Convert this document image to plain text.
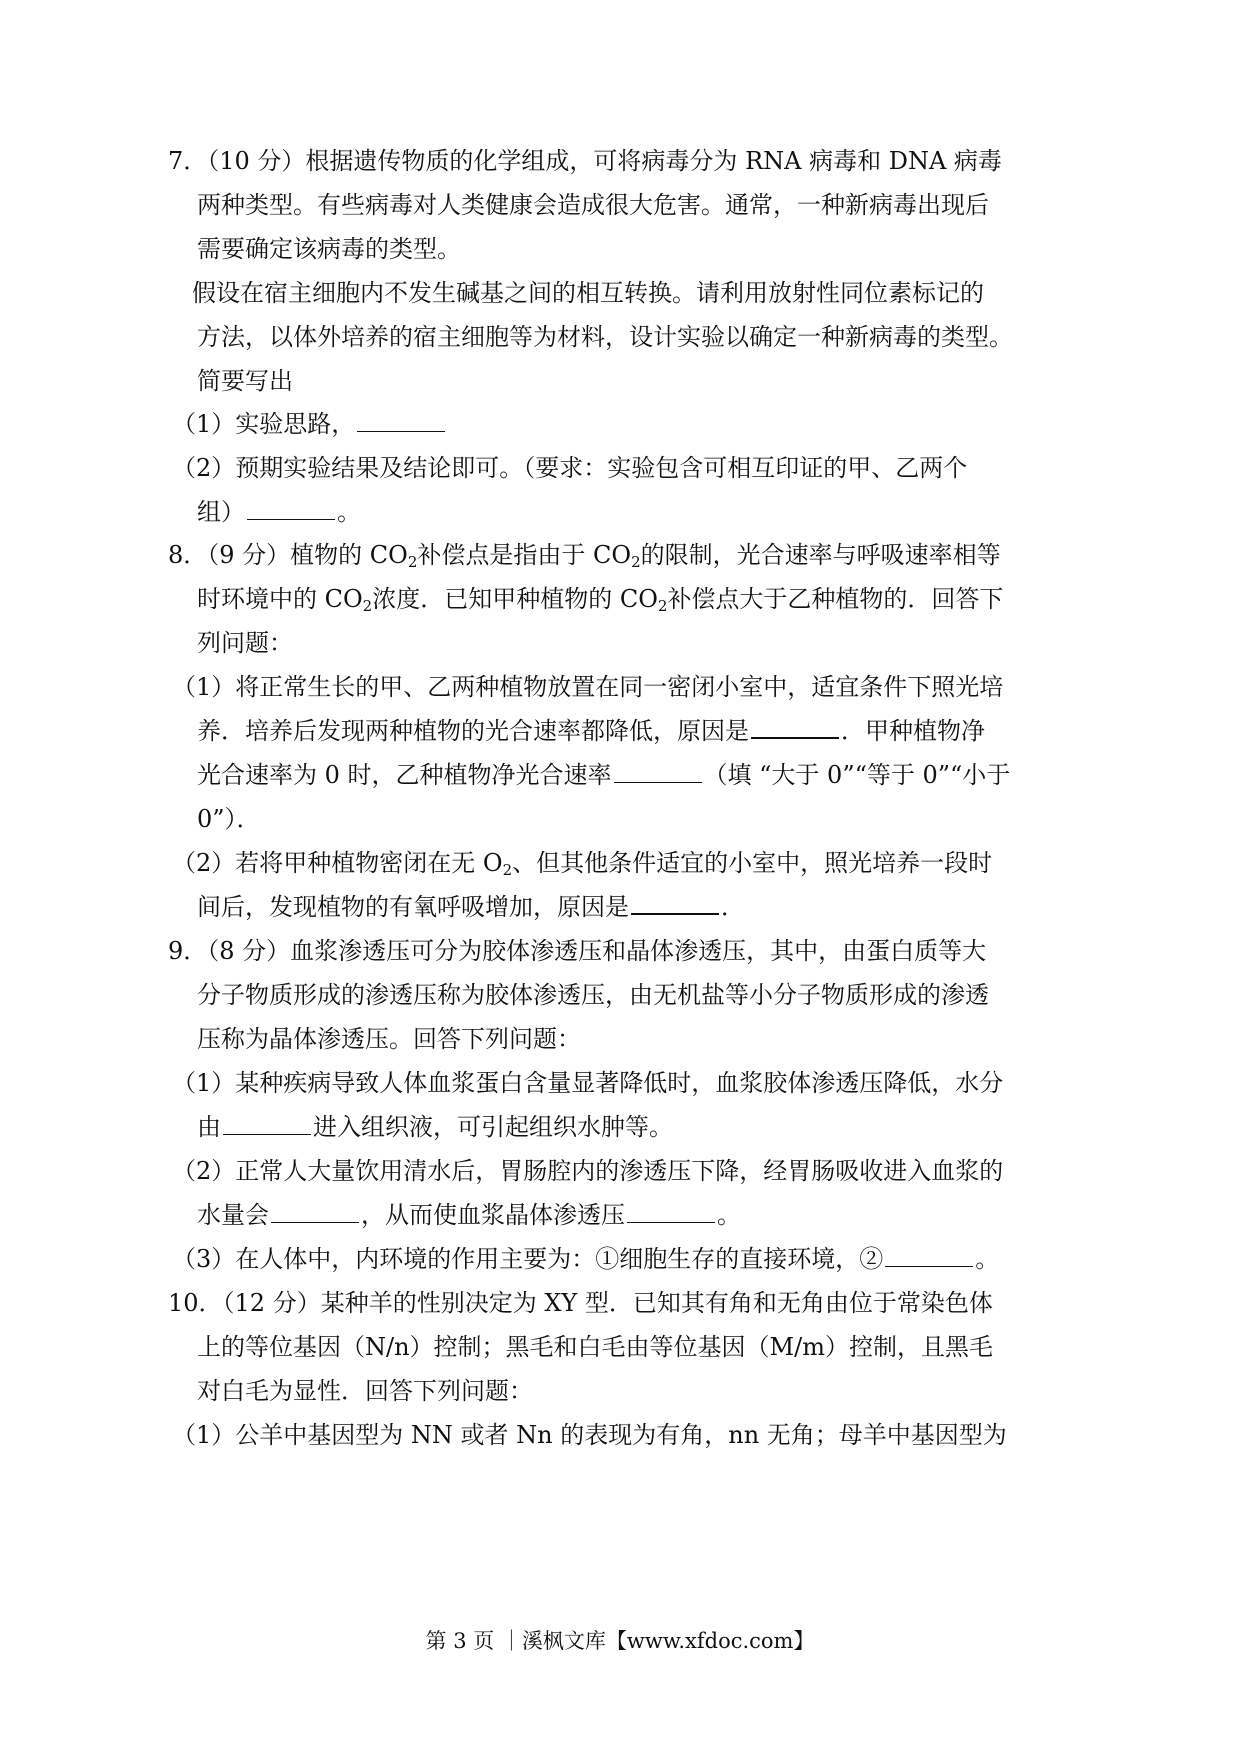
7．（10 分）根据遗传物质的化学组成，可将病毒分为 RNA 病毒和 DNA 病毒
两种类型。有些病毒对人类健康会造成很大危害。通常，一种新病毒出现后
需要确定该病毒的类型。
假设在宿主细胞内不发生碱基之间的相互转换。请利用放射性同位素标记的
方法，以体外培养的宿主细胞等为材料，设计实验以确定一种新病毒的类型。
简要写出
（1）实验思路，
（2）预期实验结果及结论即可。（要求：实验包含可相互印证的甲、乙两个
组）	。
8．（9 分）植物的 $CO_2$补偿点是指由于 $CO_2$的限制，光合速率与呼吸速率相等
时环境中的 $CO_2$浓度．已知甲种植物的 $CO_2$补偿点大于乙种植物的．回答下
列问题：
（1）将正常生长的甲、乙两种植物放置在同一密闭小室中，适宜条件下照光培
养．培养后发现两种植物的光合速率都降低，原因是	．甲种植物净
光合速率为 0 时，乙种植物净光合速率	（填 “大于 0”“等于 0”“小于
0”）．
（2）若将甲种植物密闭在无 $O_2$、但其他条件适宜的小室中，照光培养一段时
间后，发现植物的有氧呼吸增加，原因是	．
9．（8 分）血浆渗透压可分为胶体渗透压和晶体渗透压，其中，由蛋白质等大
分子物质形成的渗透压称为胶体渗透压，由无机盐等小分子物质形成的渗透
压称为晶体渗透压。回答下列问题：
（1）某种疾病导致人体血浆蛋白含量显著降低时，血浆胶体渗透压降低，水分
由	进入组织液，可引起组织水肿等。
（2）正常人大量饮用清水后，胃肠腔内的渗透压下降，经胃肠吸收进入血浆的
水量会	，从而使血浆晶体渗透压	。
（3）在人体中，内环境的作用主要为：①细胞生存的直接环境，②	。
10．（12 分）某种羊的性别决定为 XY 型．已知其有角和无角由位于常染色体
上的等位基因（N/n）控制；黑毛和白毛由等位基因（M/m）控制，且黑毛
对白毛为显性．回答下列问题：
（1）公羊中基因型为 NN 或者 Nn 的表现为有角，nn 无角；母羊中基因型为
第 3 页 ｜溪枫文库【www.xfdoc.com】
